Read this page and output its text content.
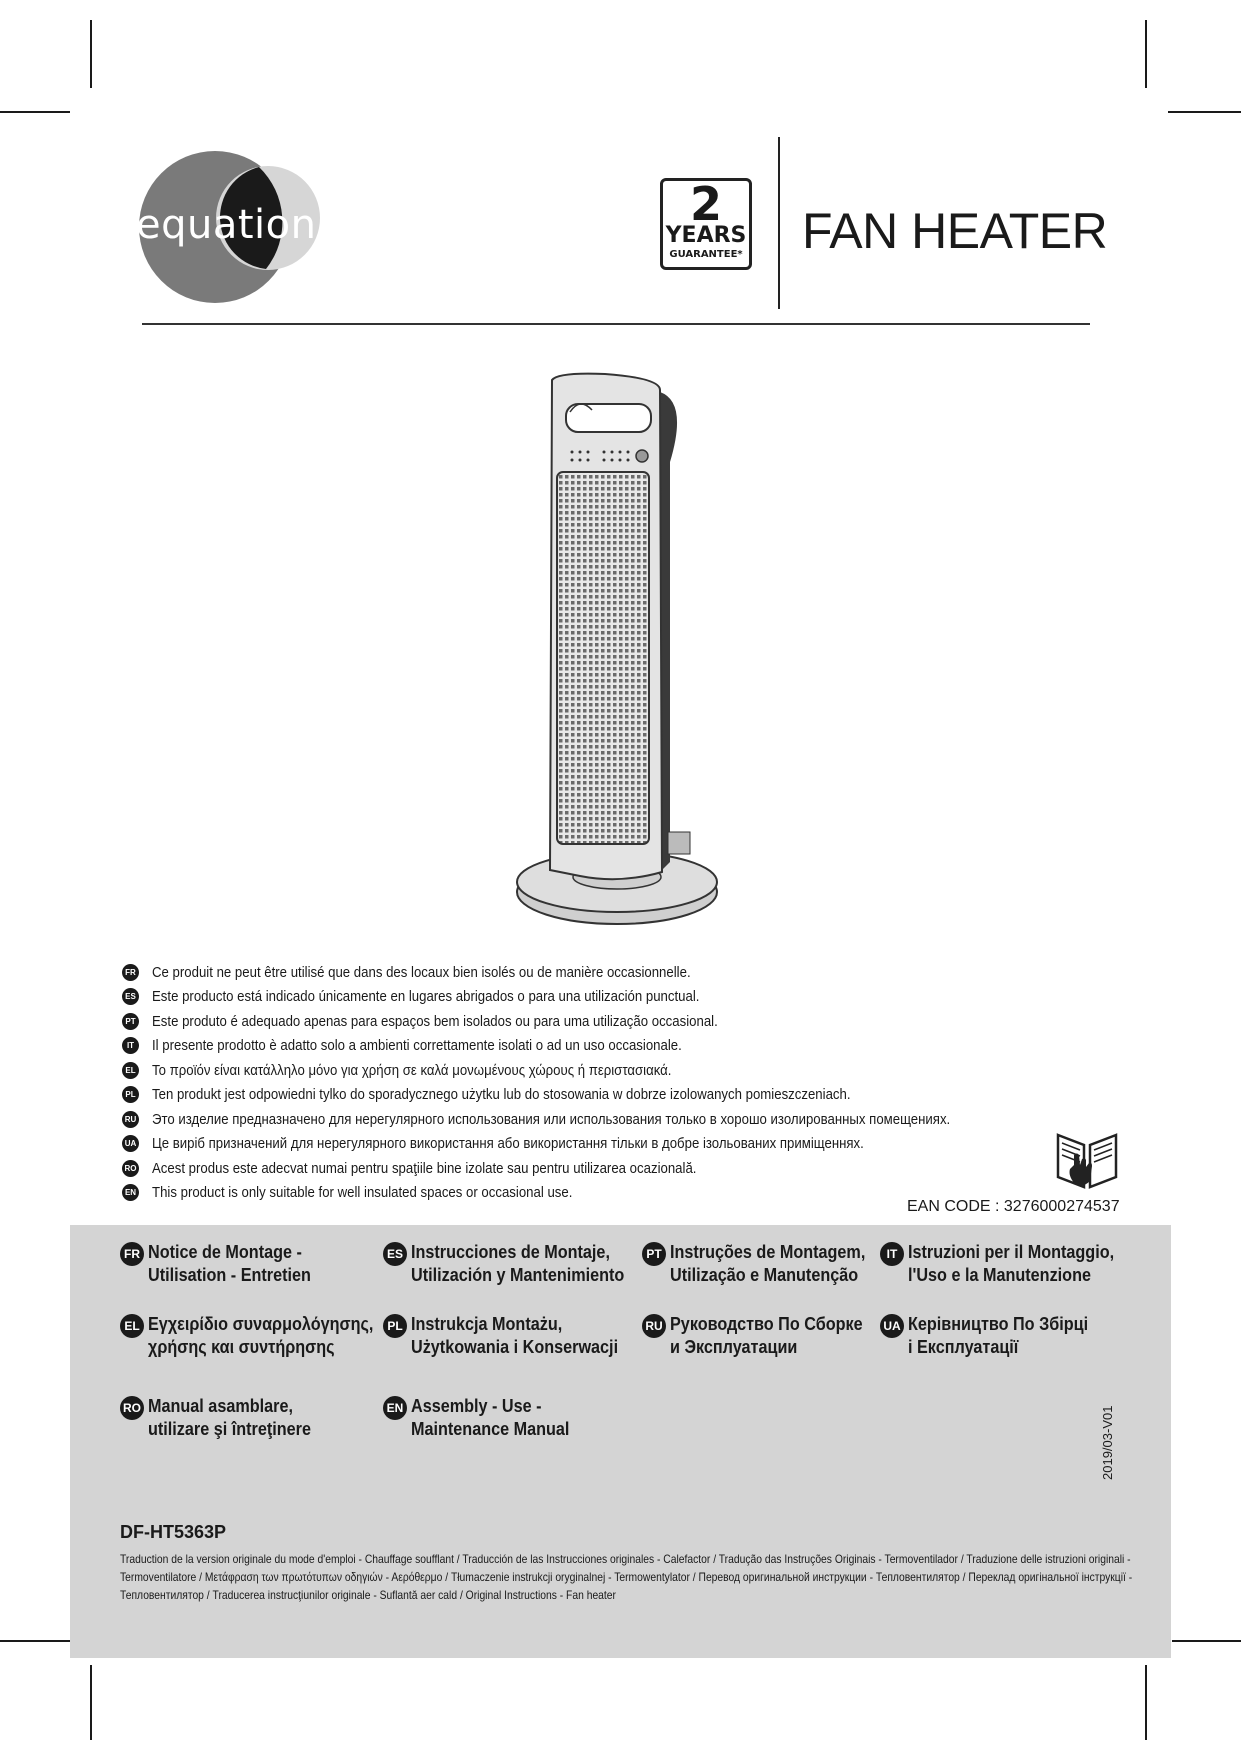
equation	2
YEARS
GUARANTEE* FAN HEATER
FR Ce produit ne peut être utilisé que dans des locaux bien isolés ou de manière occasionnelle.
ES Este producto está indicado únicamente en lugares abrigados o para una utilización punctual.
PT Este produto é adequado apenas para espaços bem isolados ou para uma utilização occasional.
IT	Il presente prodotto è adatto solo a ambienti correttamente isolati o ad un uso occasionale.
EL Το προϊόν είναι κατάλληλο μόνο για χρήση σε καλά μονωμένους χώρους ή περιστασιακά.
PL Ten produkt jest odpowiedni tylko do sporadycznego użytku lub do stosowania w dobrze izolowanych pomieszczeniach.
RU Это изделие предназначено для нерегулярного использования или использования только в хорошо изолированных помещениях.
UA Це виріб призначений для нерегулярного використання або використання тільки в добре ізольованих приміщеннях.
RO Acest produs este adecvat numai pentru spaţiile bine izolate sau pentru utilizarea ocazională.
EN This product is only suitable for well insulated spaces or occasional use.
EAN CODE : 3276000274537
FR Notice de Montage -
Utilisation - Entretien
ES Instrucciones de Montaje,
Utilización y Mantenimiento
PT Instruções de Montagem,
Utilização e Manutenção
IT Istruzioni per il Montaggio,
l'Uso e la Manutenzione
EL Εγχειρίδιο συναρμολόγησης,
χρήσης και συντήρησης
PL Instrukcja Montażu,
Użytkowania i Konserwacji
RU Руководство По Сборке
и Эксплуатации
UA Керівництво По Збірці
і Експлуатації
RO Manual asamblare,
utilizare şi întreţinere
EN Assembly - Use -
Maintenance Manual	2019/03-V01
DF-HT5363P
Traduction de la version originale du mode d'emploi - Chauffage soufflant / Traducción de las Instrucciones originales - Calefactor / Tradução das Instruções Originais - Termoventilador / Traduzione delle istruzioni originali -
Termoventilatore / Μετάφραση των πρωτότυπων οδηγιών - Αερόθερμο / Tłumaczenie instrukcji oryginalnej - Termowentylator / Перевод оригинальной инструкции - Тепловентилятор / Переклад оригінальної інструкції -
Тепловентилятор / Traducerea instrucţiunilor originale - Suflantă aer cald / Original Instructions - Fan heater
